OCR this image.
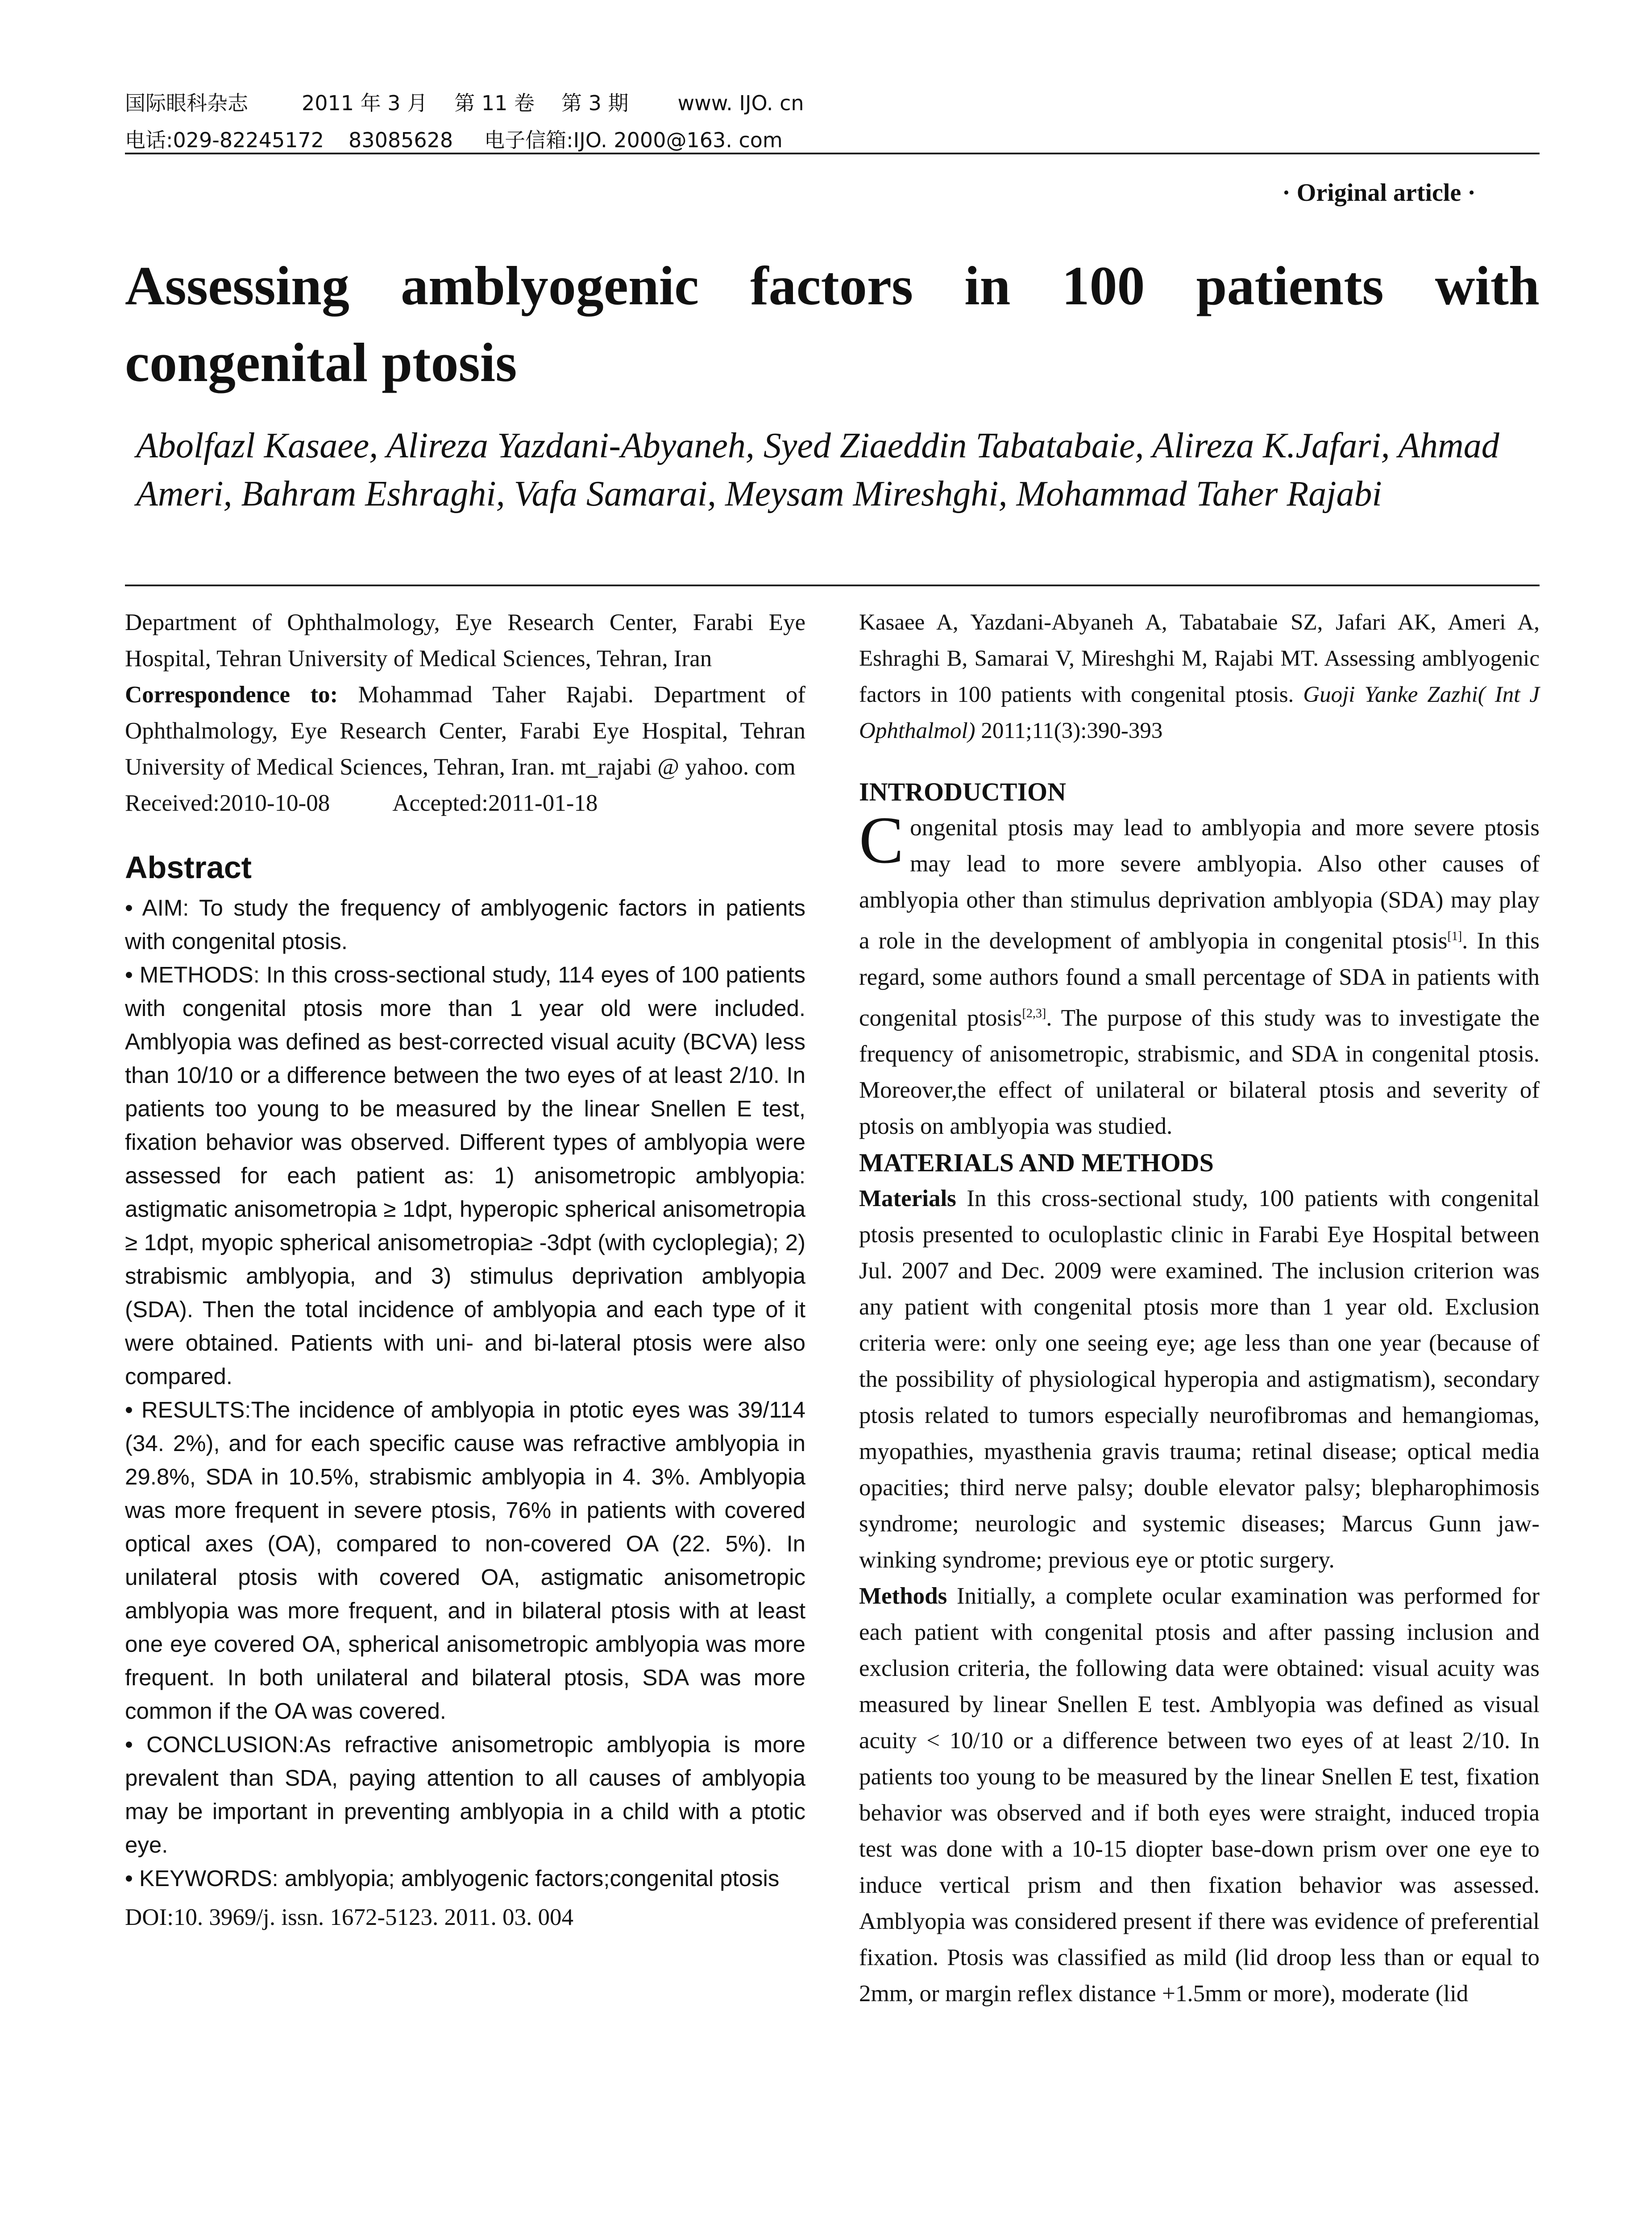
国际眼科杂志	2011 年 3 月 第 11 卷 第 3 期 www. IJO. cn
电话:029-82245172 83085628 电子信箱:IJO. 2000@163. com
· Original article ·
Assessing amblyogenic factors in 100 patients with congenital ptosis

Abolfazl Kasaee, Alireza Yazdani-Abyaneh, Syed Ziaeddin Tabatabaie, Alireza K.Jafari, Ahmad Ameri, Bahram Eshraghi, Vafa Samarai, Meysam Mireshghi, Mohammad Taher Rajabi

Department of Ophthalmology, Eye Research Center, Farabi Eye Hospital, Tehran University of Medical Sciences, Tehran, Iran

Correspondence to: Mohammad Taher Rajabi. Department of Ophthalmology, Eye Research Center, Farabi Eye Hospital, Tehran University of Medical Sciences, Tehran, Iran. mt_rajabi @ yahoo. com

Received:2010-10-08	Accepted:2011-01-18

Abstract

• AIM: To study the frequency of amblyogenic factors in patients with congenital ptosis.

• METHODS: In this cross-sectional study, 114 eyes of 100 patients with congenital ptosis more than 1 year old were included. Amblyopia was defined as best-corrected visual acuity (BCVA) less than 10/10 or a difference between the two eyes of at least 2/10. In patients too young to be measured by the linear Snellen E test, fixation behavior was observed. Different types of amblyopia were assessed for each patient as: 1) anisometropic amblyopia: astigmatic anisometropia ≥ 1dpt, hyperopic spherical anisometropia ≥ 1dpt, myopic spherical anisometropia≥ -3dpt (with cycloplegia); 2) strabismic amblyopia, and 3) stimulus deprivation amblyopia (SDA). Then the total incidence of amblyopia and each type of it were obtained. Patients with uni- and bi-lateral ptosis were also compared.

• RESULTS:The incidence of amblyopia in ptotic eyes was 39/114 (34. 2%), and for each specific cause was refractive amblyopia in 29.8%, SDA in 10.5%, strabismic amblyopia in 4. 3%. Amblyopia was more frequent in severe ptosis, 76% in patients with covered optical axes (OA), compared to non-covered OA (22. 5%). In unilateral ptosis with covered OA, astigmatic anisometropic amblyopia was more frequent, and in bilateral ptosis with at least one eye covered OA, spherical anisometropic amblyopia was more frequent. In both unilateral and bilateral ptosis, SDA was more common if the OA was covered.

• CONCLUSION:As refractive anisometropic amblyopia is more prevalent than SDA, paying attention to all causes of amblyopia may be important in preventing amblyopia in a child with a ptotic eye.

• KEYWORDS: amblyopia; amblyogenic factors;congenital ptosis

DOI:10. 3969/j. issn. 1672-5123. 2011. 03. 004

Kasaee A, Yazdani-Abyaneh A, Tabatabaie SZ, Jafari AK, Ameri A, Eshraghi B, Samarai V, Mireshghi M, Rajabi MT. Assessing amblyogenic factors in 100 patients with congenital ptosis. Guoji Yanke Zazhi( Int J Ophthalmol) 2011;11(3):390-393

INTRODUCTION

Congenital ptosis may lead to amblyopia and more severe ptosis may lead to more severe amblyopia. Also other causes of amblyopia other than stimulus deprivation amblyopia (SDA) may play a role in the development of amblyopia in congenital ptosis[1]. In this regard, some authors found a small percentage of SDA in patients with congenital ptosis[2,3]. The purpose of this study was to investigate the frequency of anisometropic, strabismic, and SDA in congenital ptosis. Moreover,the effect of unilateral or bilateral ptosis and severity of ptosis on amblyopia was studied.

MATERIALS AND METHODS

Materials In this cross-sectional study, 100 patients with congenital ptosis presented to oculoplastic clinic in Farabi Eye Hospital between Jul. 2007 and Dec. 2009 were examined. The inclusion criterion was any patient with congenital ptosis more than 1 year old. Exclusion criteria were: only one seeing eye; age less than one year (because of the possibility of physiological hyperopia and astigmatism), secondary ptosis related to tumors especially neurofibromas and hemangiomas, myopathies, myasthenia gravis trauma; retinal disease; optical media opacities; third nerve palsy; double elevator palsy; blepharophimosis syndrome; neurologic and systemic diseases; Marcus Gunn jaw-winking syndrome; previous eye or ptotic surgery.

Methods Initially, a complete ocular examination was performed for each patient with congenital ptosis and after passing inclusion and exclusion criteria, the following data were obtained: visual acuity was measured by linear Snellen E test. Amblyopia was defined as visual acuity < 10/10 or a difference between two eyes of at least 2/10. In patients too young to be measured by the linear Snellen E test, fixation behavior was observed and if both eyes were straight, induced tropia test was done with a 10-15 diopter base-down prism over one eye to induce vertical prism and then fixation behavior was assessed. Amblyopia was considered present if there was evidence of preferential fixation. Ptosis was classified as mild (lid droop less than or equal to 2mm, or margin reflex distance +1.5mm or more), moderate (lid
